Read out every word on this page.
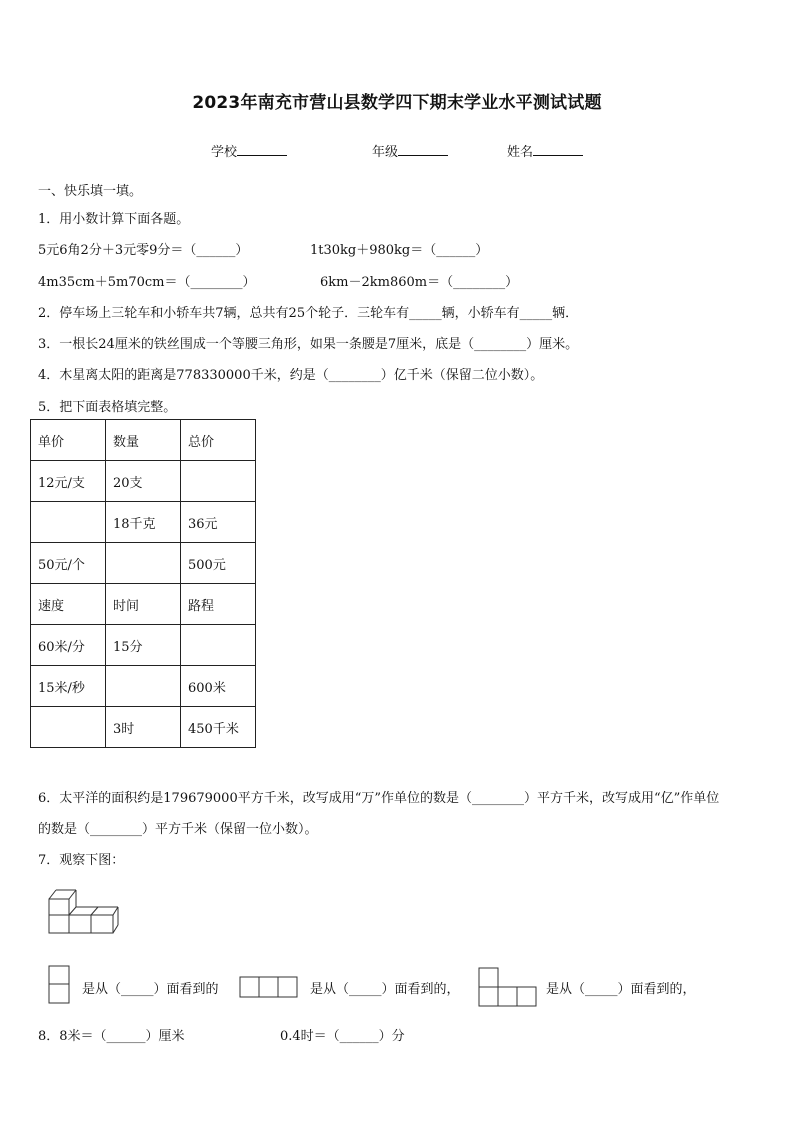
2023年南充市营山县数学四下期末学业水平测试试题
学校	年级	姓名
一、快乐填一填。
1．用小数计算下面各题。
5元6角2分＋3元零9分＝（______）	1t30kg＋980kg＝（______）
4m35cm＋5m70cm＝（________）	6km－2km860m＝（________）
2．停车场上三轮车和小轿车共7辆，总共有25个轮子．三轮车有_____辆，小轿车有_____辆．
3．一根长24厘米的铁丝围成一个等腰三角形，如果一条腰是7厘米，底是（________）厘米。
4．木星离太阳的距离是778330000千米，约是（________）亿千米（保留二位小数）。
5．把下面表格填完整。
单价	数量	总价
12元/支	20支	
	18千克	36元
50元/个		500元
速度	时间	路程
60米/分	15分	
15米/秒		600米
	3时	450千米
6．太平洋的面积约是179679000平方千米，改写成用“万”作单位的数是（________）平方千米，改写成用“亿”作单位
的数是（________）平方千米（保留一位小数）。
7．观察下图：
是从（_____）面看到的	是从（_____）面看到的，	是从（_____）面看到的，
8．8米＝（______）厘米	0.4时＝（______）分
